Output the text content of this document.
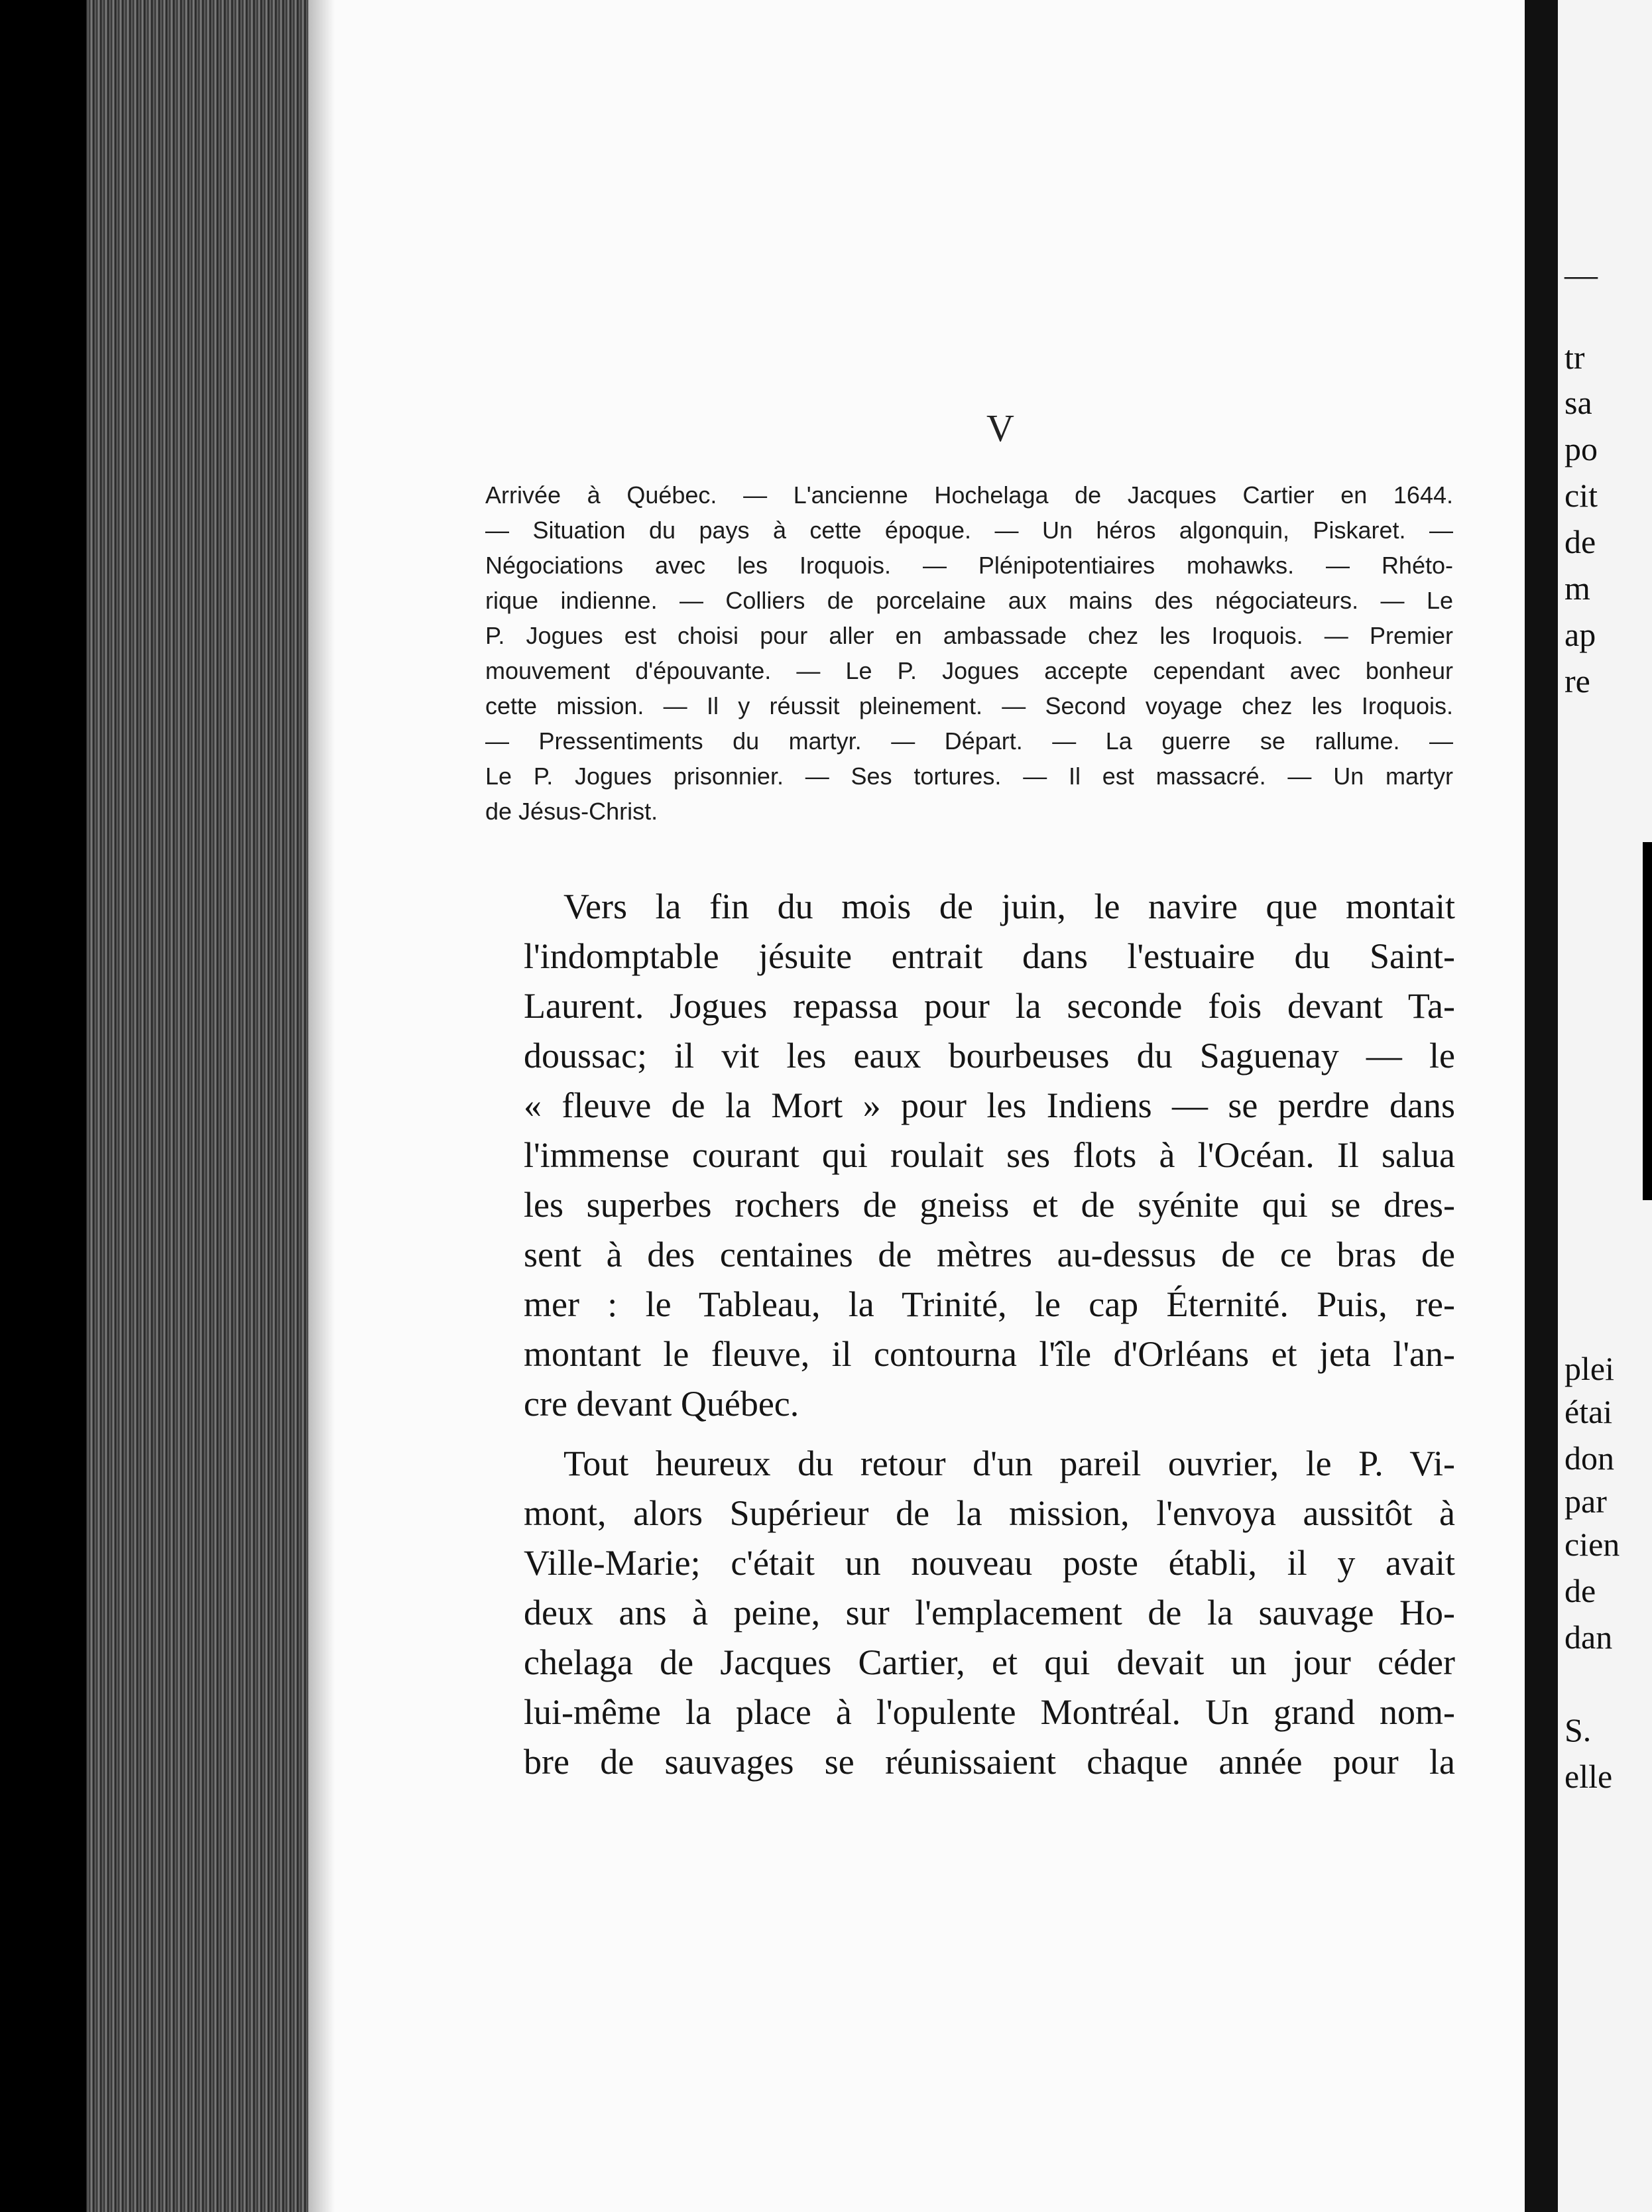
—
tr
sa
po
cit
de
m
ap
re
plei
étai
don
par
cien
de
dan
S.
elle
V
Arrivée à Québec. — L'ancienne Hochelaga de Jacques Cartier en 1644.
— Situation du pays à cette époque. — Un héros algonquin, Piskaret. —
Négociations avec les Iroquois. — Plénipotentiaires mohawks. — Rhéto-
rique indienne. — Colliers de porcelaine aux mains des négociateurs. — Le
P. Jogues est choisi pour aller en ambassade chez les Iroquois. — Premier
mouvement d'épouvante. — Le P. Jogues accepte cependant avec bonheur
cette mission. — Il y réussit pleinement. — Second voyage chez les Iroquois.
— Pressentiments du martyr. — Départ. — La guerre se rallume. —
Le P. Jogues prisonnier. — Ses tortures. — Il est massacré. — Un martyr
de Jésus-Christ.
Vers la fin du mois de juin, le navire que montait
l'indomptable jésuite entrait dans l'estuaire du Saint-
Laurent. Jogues repassa pour la seconde fois devant Ta-
doussac; il vit les eaux bourbeuses du Saguenay — le
« fleuve de la Mort » pour les Indiens — se perdre dans
l'immense courant qui roulait ses flots à l'Océan. Il salua
les superbes rochers de gneiss et de syénite qui se dres-
sent à des centaines de mètres au-dessus de ce bras de
mer : le Tableau, la Trinité, le cap Éternité. Puis, re-
montant le fleuve, il contourna l'île d'Orléans et jeta l'an-
cre devant Québec.
Tout heureux du retour d'un pareil ouvrier, le P. Vi-
mont, alors Supérieur de la mission, l'envoya aussitôt à
Ville-Marie; c'était un nouveau poste établi, il y avait
deux ans à peine, sur l'emplacement de la sauvage Ho-
chelaga de Jacques Cartier, et qui devait un jour céder
lui-même la place à l'opulente Montréal. Un grand nom-
bre de sauvages se réunissaient chaque année pour la
